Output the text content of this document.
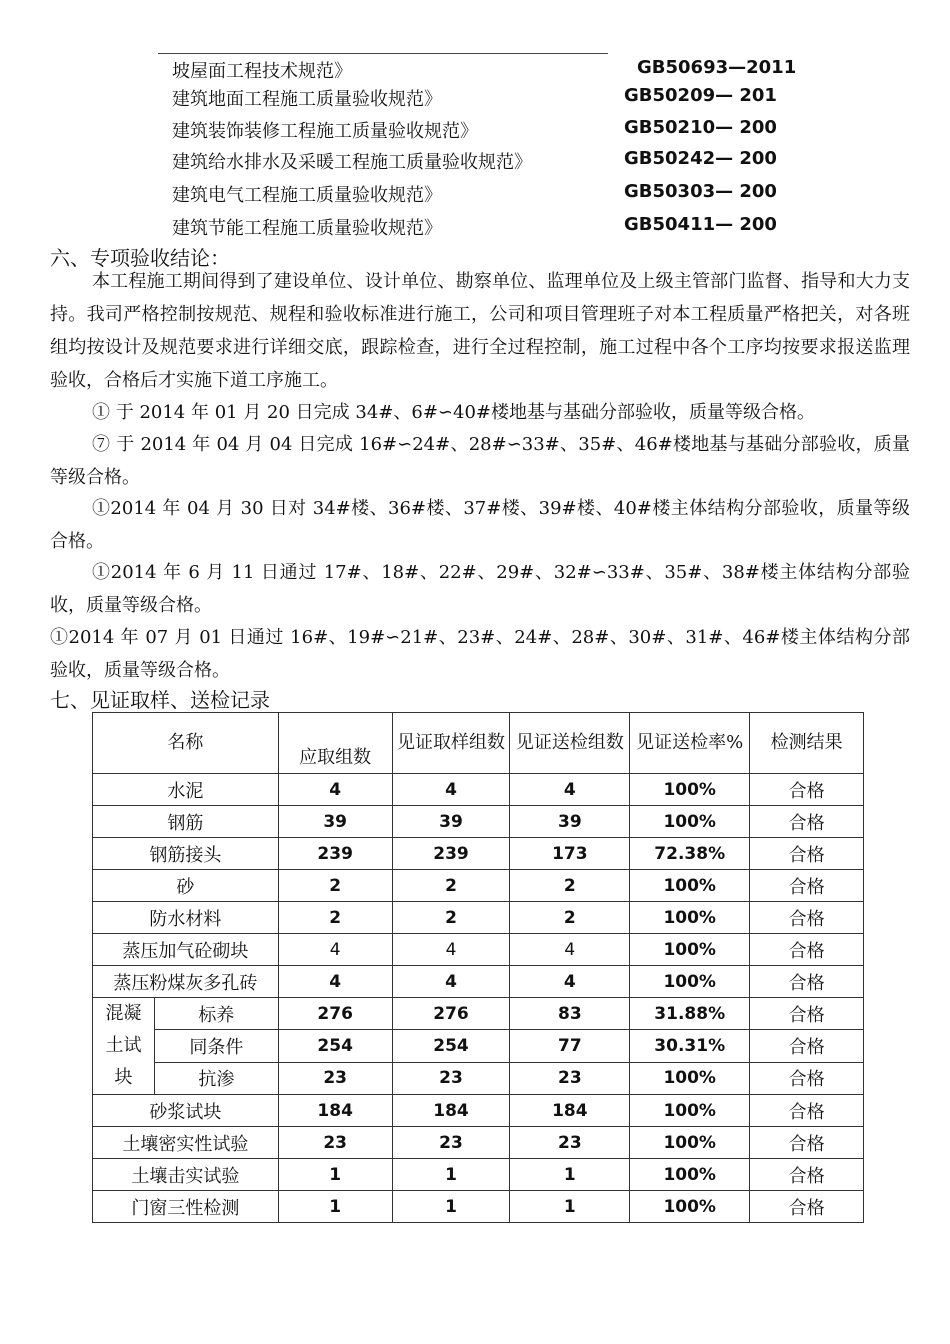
坡屋面工程技术规范》	GB50693—2011
建筑地面工程施工质量验收规范》	GB50209— 201
建筑装饰装修工程施工质量验收规范》	GB50210— 200
建筑给水排水及采暖工程施工质量验收规范》	GB50242— 200
建筑电气工程施工质量验收规范》	GB50303— 200
建筑节能工程施工质量验收规范》	GB50411— 200
六、专项验收结论：
本工程施工期间得到了建设单位、设计单位、勘察单位、监理单位及上级主管部门监督、指导和大力支持。我司严格控制按规范、规程和验收标准进行施工，公司和项目管理班子对本工程质量严格把关，对各班组均按设计及规范要求进行详细交底，跟踪检查，进行全过程控制，施工过程中各个工序均按要求报送监理验收，合格后才实施下道工序施工。
① 于 2014 年 01 月 20 日完成 34#、6#∽40#楼地基与基础分部验收，质量等级合格。
⑦ 于 2014 年 04 月 04 日完成 16#∽24#、28#∽33#、35#、46#楼地基与基础分部验收，质量等级合格。
①2014 年 04 月 30 日对 34#楼、36#楼、37#楼、39#楼、40#楼主体结构分部验收，质量等级合格。
①2014 年 6 月 11 日通过 17#、18#、22#、29#、32#∽33#、35#、38#楼主体结构分部验收，质量等级合格。
①2014 年 07 月 01 日通过 16#、19#∽21#、23#、24#、28#、30#、31#、46#楼主体结构分部验收，质量等级合格。
七、见证取样、送检记录
名称		应取组数	见证取样组数	见证送检组数	见证送检率%	检测结果
水泥		4	4	4	100%	合格
钢筋		39	39	39	100%	合格
钢筋接头		239	239	173	72.38%	合格
砂		2	2	2	100%	合格
防水材料		2	2	2	100%	合格
蒸压加气砼砌块		4	4	4	100%	合格
蒸压粉煤灰多孔砖		4	4	4	100%	合格
混凝土试块	标养	276	276	83	31.88%	合格
	同条件	254	254	77	30.31%	合格
	抗渗	23	23	23	100%	合格
砂浆试块		184	184	184	100%	合格
土壤密实性试验		23	23	23	100%	合格
土壤击实试验		1	1	1	100%	合格
门窗三性检测		1	1	1	100%	合格
